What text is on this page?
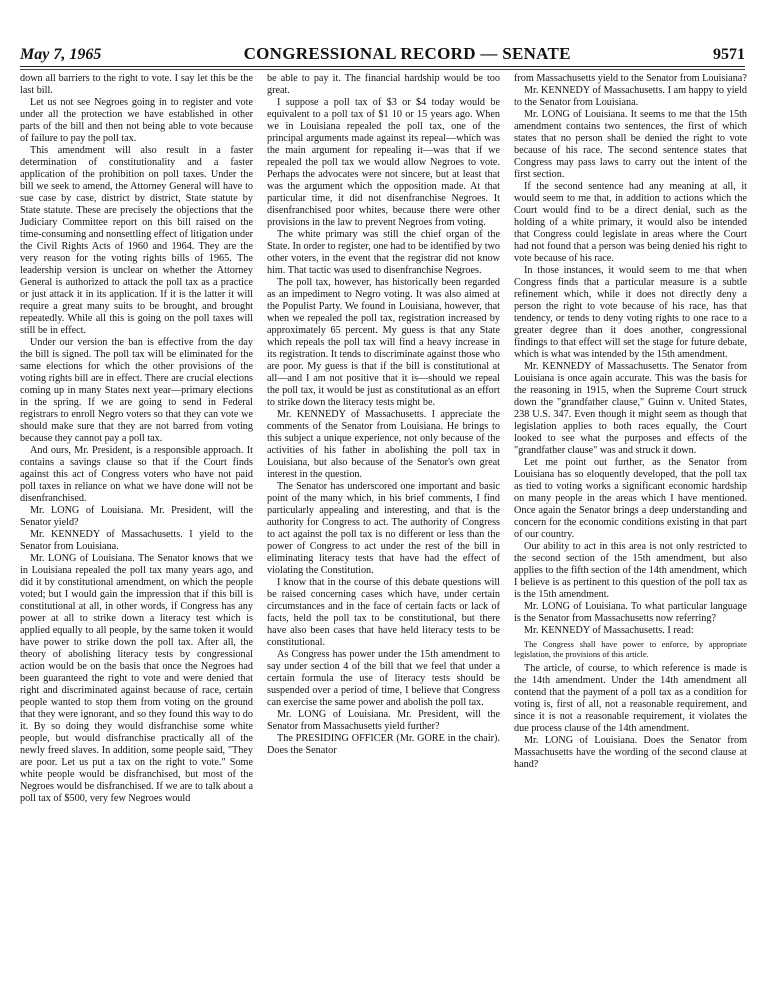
May 7, 1965	CONGRESSIONAL RECORD — SENATE	9571

down all barriers to the right to vote. I say let this be the last bill.

Let us not see Negroes going in to register and vote under all the protection we have established in other parts of the bill and then not being able to vote because of failure to pay the poll tax.

This amendment will also result in a faster determination of constitutionality and a faster application of the prohibition on poll taxes. Under the bill we seek to amend, the Attorney General will have to sue case by case, district by district, State statute by State statute. These are precisely the objections that the Judiciary Committee report on this bill raised on the time-consuming and nonsettling effect of litigation under the Civil Rights Acts of 1960 and 1964. They are the very reason for the voting rights bills of 1965. The leadership version is unclear on whether the Attorney General is authorized to attack the poll tax as a practice or just attack it in its application. If it is the latter it will require a great many suits to be brought, and brought repeatedly. While all this is going on the poll taxes will still be in effect.

Under our version the ban is effective from the day the bill is signed. The poll tax will be eliminated for the same elections for which the other provisions of the voting rights bill are in effect. There are crucial elections coming up in many States next year—primary elections in the spring. If we are going to send in Federal registrars to enroll Negro voters so that they can vote we should make sure that they are not barred from voting because they cannot pay a poll tax.

And ours, Mr. President, is a responsible approach. It contains a savings clause so that if the Court finds against this act of Congress voters who have not paid poll taxes in reliance on what we have done will not be disenfranchised.

Mr. LONG of Louisiana. Mr. President, will the Senator yield?

Mr. KENNEDY of Massachusetts. I yield to the Senator from Louisiana.

Mr. LONG of Louisiana. The Senator knows that we in Louisiana repealed the poll tax many years ago, and did it by constitutional amendment, on which the people voted; but I would gain the impression that if this bill is constitutional at all, in other words, if Congress has any power at all to strike down a literacy test which is applied equally to all people, by the same token it would have power to strike down the poll tax. After all, the theory of abolishing literacy tests by congressional action would be on the basis that once the Negroes had been guaranteed the right to vote and were denied that right and discriminated against because of race, certain people wanted to stop them from voting on the ground that they were ignorant, and so they found this way to do it. By so doing they would disfranchise some white people, but would disfranchise practically all of the newly freed slaves. In addition, some people said, "They are poor. Let us put a tax on the right to vote." Some white people would be disfranchised, but most of the Negroes would be disfranchised. If we are to talk about a poll tax of $500, very few Negroes would

be able to pay it. The financial hardship would be too great.

I suppose a poll tax of $3 or $4 today would be equivalent to a poll tax of $1 10 or 15 years ago. When we in Louisiana repealed the poll tax, one of the principal arguments made against its repeal—which was the main argument for repealing it—was that if we repealed the poll tax we would allow Negroes to vote. Perhaps the advocates were not sincere, but at least that was the argument which the opposition made. At that particular time, it did not disenfranchise Negroes. It disenfranchised poor whites, because there were other provisions in the law to prevent Negroes from voting.

The white primary was still the chief organ of the State. In order to register, one had to be identified by two other voters, in the event that the registrar did not know him. That tactic was used to disenfranchise Negroes.

The poll tax, however, has historically been regarded as an impediment to Negro voting. It was also aimed at the Populist Party. We found in Louisiana, however, that when we repealed the poll tax, registration increased by approximately 65 percent. My guess is that any State which repeals the poll tax will find a heavy increase in its registration. It tends to discriminate against those who are poor. My guess is that if the bill is constitutional at all—and I am not positive that it is—should we repeal the poll tax, it would be just as constitutional as an effort to strike down the literacy tests might be.

Mr. KENNEDY of Massachusetts. I appreciate the comments of the Senator from Louisiana. He brings to this subject a unique experience, not only because of the activities of his father in abolishing the poll tax in Louisiana, but also because of the Senator's own great interest in the question.

The Senator has underscored one important and basic point of the many which, in his brief comments, I find particularly appealing and interesting, and that is the authority for Congress to act. The authority of Congress to act against the poll tax is no different or less than the power of Congress to act under the rest of the bill in eliminating literacy tests that have had the effect of violating the Constitution.

I know that in the course of this debate questions will be raised concerning cases which have, under certain circumstances and in the face of certain facts or lack of facts, held the poll tax to be constitutional, but there have also been cases that have held literacy tests to be constitutional.

As Congress has power under the 15th amendment to say under section 4 of the bill that we feel that under a certain formula the use of literacy tests should be suspended over a period of time, I believe that Congress can exercise the same power and abolish the poll tax.

Mr. LONG of Louisiana. Mr. President, will the Senator from Massachusetts yield further?

The PRESIDING OFFICER (Mr. GORE in the chair). Does the Senator

from Massachusetts yield to the Senator from Louisiana?

Mr. KENNEDY of Massachusetts. I am happy to yield to the Senator from Louisiana.

Mr. LONG of Louisiana. It seems to me that the 15th amendment contains two sentences, the first of which states that no person shall be denied the right to vote because of his race. The second sentence states that Congress may pass laws to carry out the intent of the first section.

If the second sentence had any meaning at all, it would seem to me that, in addition to actions which the Court would find to be a direct denial, such as the holding of a white primary, it would also be intended that Congress could legislate in areas where the Court had not found that a person was being denied his right to vote because of his race.

In those instances, it would seem to me that when Congress finds that a particular measure is a subtle refinement which, while it does not directly deny a person the right to vote because of his race, has that tendency, or tends to deny voting rights to one race to a greater degree than it does another, congressional findings to that effect will set the stage for future debate, which is what was intended by the 15th amendment.

Mr. KENNEDY of Massachusetts. The Senator from Louisiana is once again accurate. This was the basis for the reasoning in 1915, when the Supreme Court struck down the "grandfather clause," Guinn v. United States, 238 U.S. 347. Even though it might seem as though that legislation applies to both races equally, the Court looked to see what the purposes and effects of the "grandfather clause" was and struck it down.

Let me point out further, as the Senator from Louisiana has so eloquently developed, that the poll tax as tied to voting works a significant economic hardship on many people in the areas which I have mentioned. Once again the Senator brings a deep understanding and concern for the economic conditions existing in that part of our country.

Our ability to act in this area is not only restricted to the second section of the 15th amendment, but also applies to the fifth section of the 14th amendment, which I believe is as pertinent to this question of the poll tax as is the 15th amendment.

Mr. LONG of Louisiana. To what particular language is the Senator from Massachusetts now referring?

Mr. KENNEDY of Massachusetts. I read:

The Congress shall have power to enforce, by appropriate legislation, the provisions of this article.

The article, of course, to which reference is made is the 14th amendment. Under the 14th amendment all contend that the payment of a poll tax as a condition for voting is, first of all, not a reasonable requirement, and since it is not a reasonable requirement, it violates the due process clause of the 14th amendment.

Mr. LONG of Louisiana. Does the Senator from Massachusetts have the wording of the second clause at hand?
